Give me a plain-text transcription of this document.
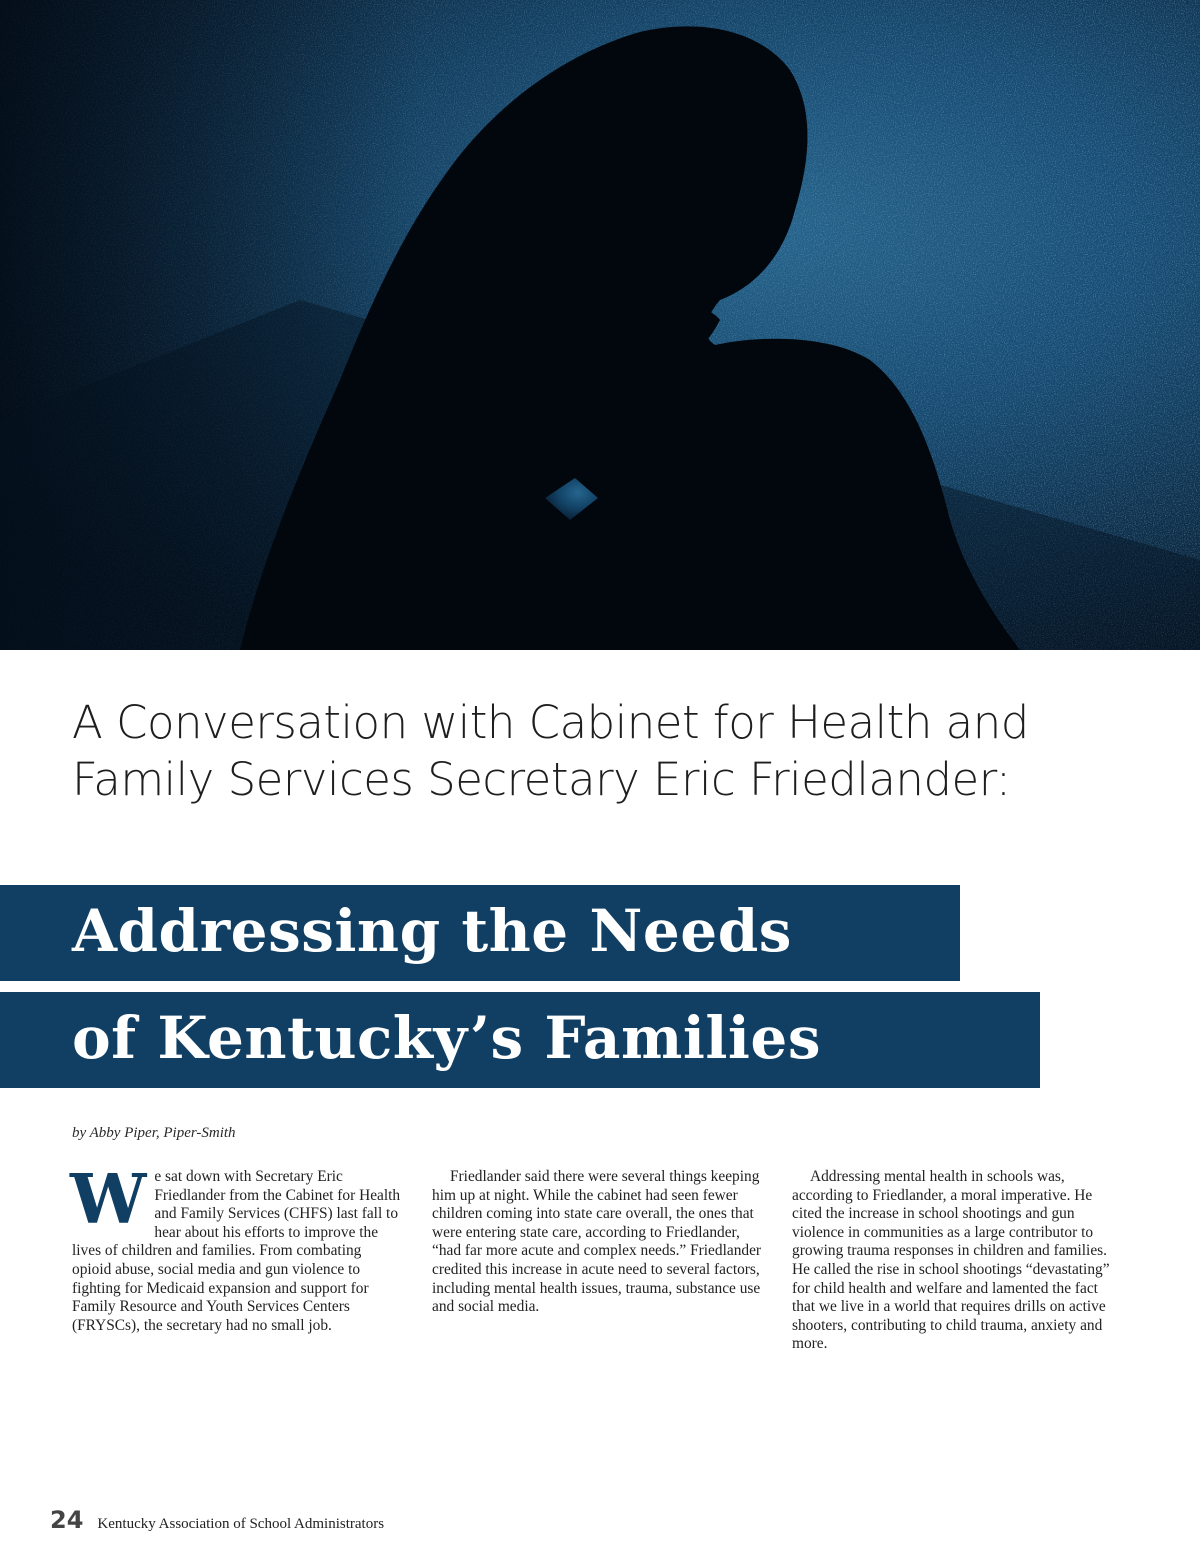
A Conversation with Cabinet for Health and Family Services Secretary Eric Friedlander:
Addressing the Needs
of Kentucky’s Families
by Abby Piper, Piper-Smith
W e sat down with Secretary Eric Friedlander from the Cabinet for Health and Family Services (CHFS) last fall to hear about his efforts to improve the lives of children and families. From combating opioid abuse, social media and gun violence to fighting for Medicaid expansion and support for Family Resource and Youth Services Centers (FRYSCs), the secretary had no small job.

Friedlander said there were several things keeping him up at night. While the cabinet had seen fewer children coming into state care overall, the ones that were entering state care, according to Friedlander, “had far more acute and complex needs.” Friedlander credited this increase in acute need to several factors, including mental health issues, trauma, substance use and social media.

Addressing mental health in schools was, according to Friedlander, a moral imperative. He cited the increase in school shootings and gun violence in communities as a large contributor to growing trauma responses in children and families. He called the rise in school shootings “devastating” for child health and welfare and lamented the fact that we live in a world that requires drills on active shooters, contributing to child trauma, anxiety and more.

24 Kentucky Association of School Administrators
